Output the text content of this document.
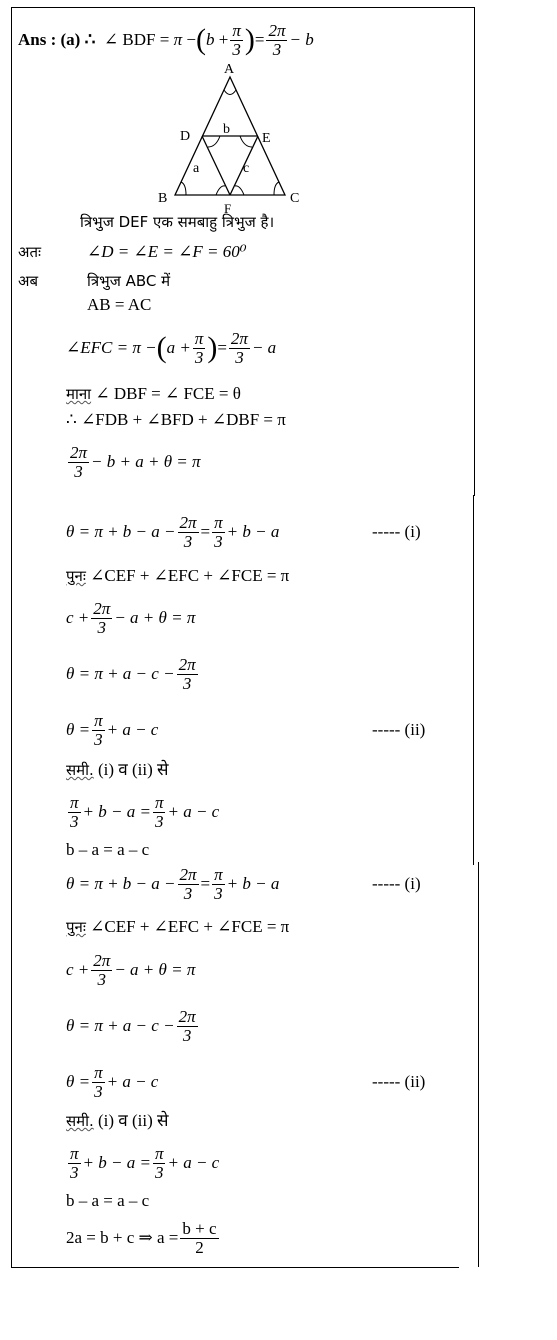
Ans :
(a)
∴
∠
BDF =
π
− ( b
+ $\frac{\pi}{3}$ ) = $\frac{2\pi}{3} - b$
A
D	E
B	C
F
b
a	c
त्रिभुज DEF एक समबाहु त्रिभुज है।
अतः	∠D = ∠E = ∠F = 60⁰
अब	त्रिभुज ABC में
AB = AC
∠EFC = π − ( $a + \frac{\pi}{3}$ ) = $\frac{2\pi}{3} - a$
माना ∠ DBF = ∠ FCE = θ
∴ ∠FDB + ∠BFD + ∠DBF = π
$\frac{2\pi}{3} - b + a + \theta = \pi$
$\theta = \pi + b - a - \frac{2\pi}{3} = \frac{\pi}{3} + b - a$	----- (i)
पुनः ∠CEF + ∠EFC + ∠FCE = π
$c + \frac{2\pi}{3} - a + \theta = \pi$
$\theta = \pi + a - c - \frac{2\pi}{3}$
$\theta = \frac{\pi}{3} + a - c$	----- (ii)
समी. (i) व (ii) से
$\frac{\pi}{3} + b - a = \frac{\pi}{3} + a - c$
b – a = a – c
$\theta = \pi + b - a - \frac{2\pi}{3} = \frac{\pi}{3} + b - a$	----- (i)
पुनः ∠CEF + ∠EFC + ∠FCE = π
$c + \frac{2\pi}{3} - a + \theta = \pi$
$\theta = \pi + a - c - \frac{2\pi}{3}$
$\theta = \frac{\pi}{3} + a - c$	----- (ii)
समी. (i) व (ii) से
$\frac{\pi}{3} + b - a = \frac{\pi}{3} + a - c$
b – a = a – c
2a = b + c ⇒ $a = \frac{b + c}{2}$
